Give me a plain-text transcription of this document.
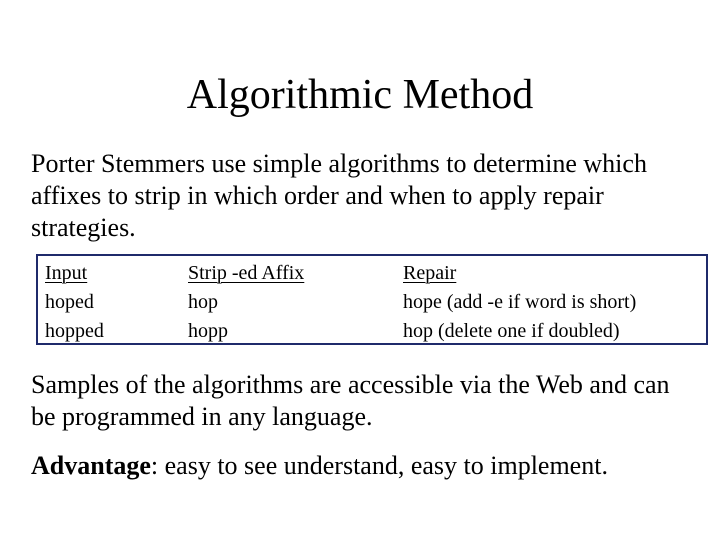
Algorithmic Method
Porter Stemmers use simple algorithms to determine which affixes to strip in which order and when to apply repair strategies.
Input
hoped
hopped
Strip -ed Affix
hop
hopp
Repair
hope (add -e if word is short)
hop (delete one if doubled)
Samples of the algorithms are accessible via the Web and can be programmed in any language.
Advantage: easy to see understand, easy to implement.
